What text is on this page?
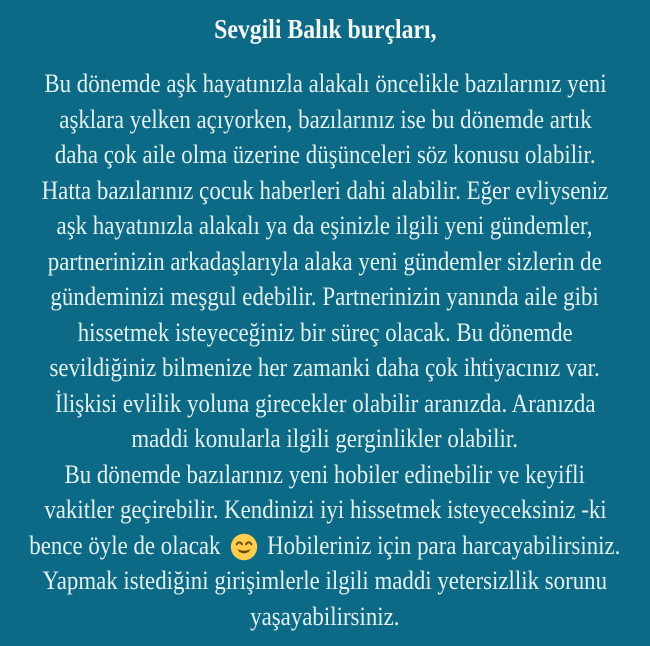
Sevgili Balık burçları,
Bu dönemde aşk hayatınızla alakalı öncelikle bazılarınız yeni
aşklara yelken açıyorken, bazılarınız ise bu dönemde artık
daha çok aile olma üzerine düşünceleri söz konusu olabilir.
Hatta bazılarınız çocuk haberleri dahi alabilir. Eğer evliyseniz
aşk hayatınızla alakalı ya da eşinizle ilgili yeni gündemler,
partnerinizin arkadaşlarıyla alaka yeni gündemler sizlerin de
gündeminizi meşgul edebilir. Partnerinizin yanında aile gibi
hissetmek isteyeceğiniz bir süreç olacak. Bu dönemde
sevildiğiniz bilmenize her zamanki daha çok ihtiyacınız var.
İlişkisi evlilik yoluna girecekler olabilir aranızda. Aranızda
maddi konularla ilgili gerginlikler olabilir.
Bu dönemde bazılarınız yeni hobiler edinebilir ve keyifli
vakitler geçirebilir. Kendinizi iyi hissetmek isteyeceksiniz -ki
bence öyle de olacak Hobileriniz için para harcayabilirsiniz.
Yapmak istediğini girişimlerle ilgili maddi yetersizllik sorunu
yaşayabilirsiniz.
